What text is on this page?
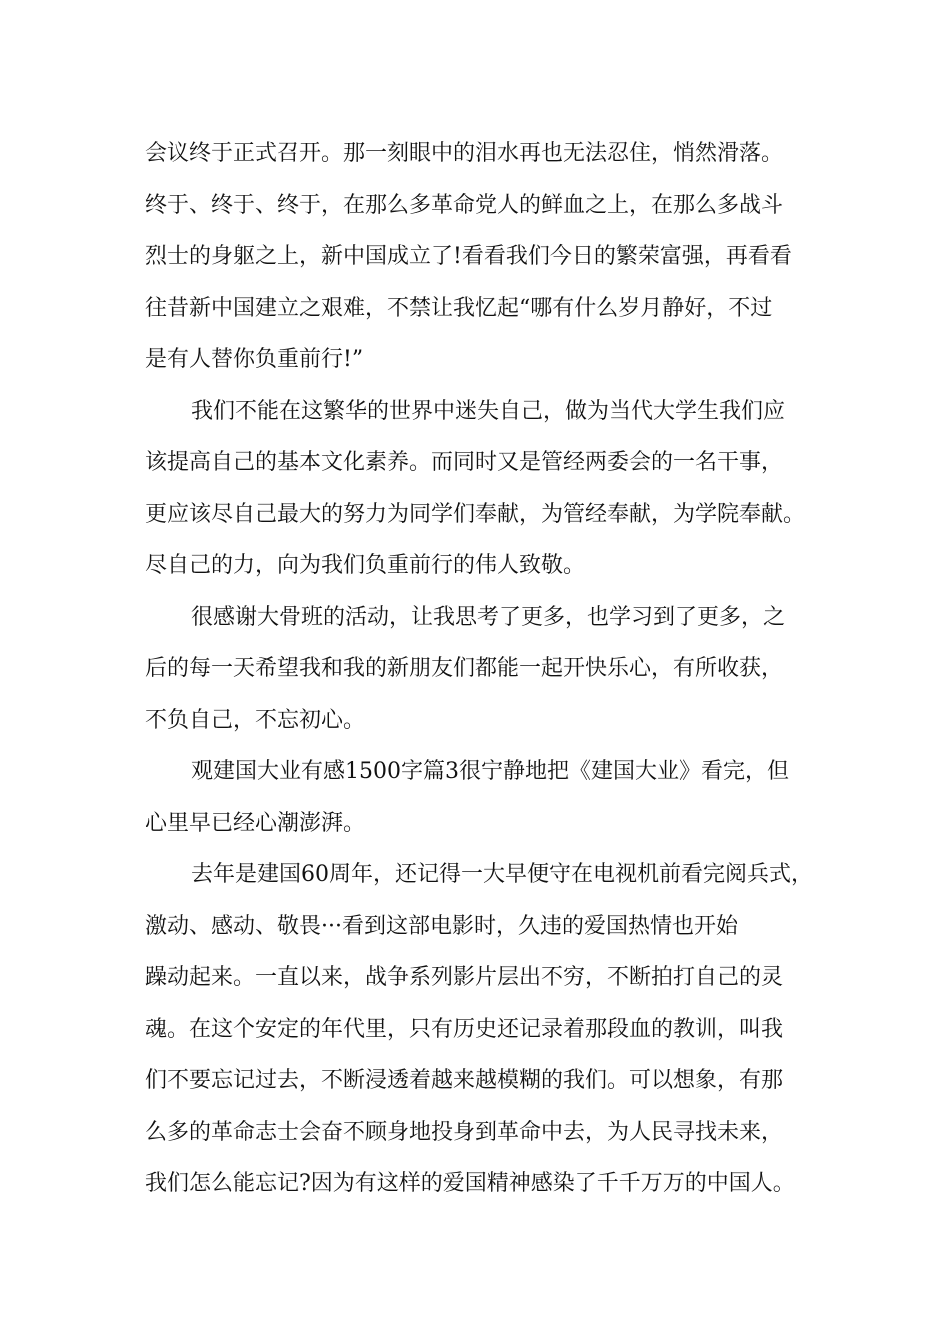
会议终于正式召开。那一刻眼中的泪水再也无法忍住，悄然滑落。
终于、终于、终于，在那么多革命党人的鲜血之上，在那么多战斗
烈士的身躯之上，新中国成立了!看看我们今日的繁荣富强，再看看
往昔新中国建立之艰难，不禁让我忆起“哪有什么岁月静好，不过
是有人替你负重前行!”
我们不能在这繁华的世界中迷失自己，做为当代大学生我们应
该提高自己的基本文化素养。而同时又是管经两委会的一名干事，
更应该尽自己最大的努力为同学们奉献，为管经奉献，为学院奉献。
尽自己的力，向为我们负重前行的伟人致敬。
很感谢大骨班的活动，让我思考了更多，也学习到了更多，之
后的每一天希望我和我的新朋友们都能一起开快乐心，有所收获，
不负自己，不忘初心。
观建国大业有感1500字篇3很宁静地把《建国大业》看完，但
心里早已经心潮澎湃。
去年是建国60周年，还记得一大早便守在电视机前看完阅兵式，
激动、感动、敬畏···看到这部电影时，久违的爱国热情也开始
躁动起来。一直以来，战争系列影片层出不穷，不断拍打自己的灵
魂。在这个安定的年代里，只有历史还记录着那段血的教训，叫我
们不要忘记过去，不断浸透着越来越模糊的我们。可以想象，有那
么多的革命志士会奋不顾身地投身到革命中去，为人民寻找未来，
我们怎么能忘记?因为有这样的爱国精神感染了千千万万的中国人。
